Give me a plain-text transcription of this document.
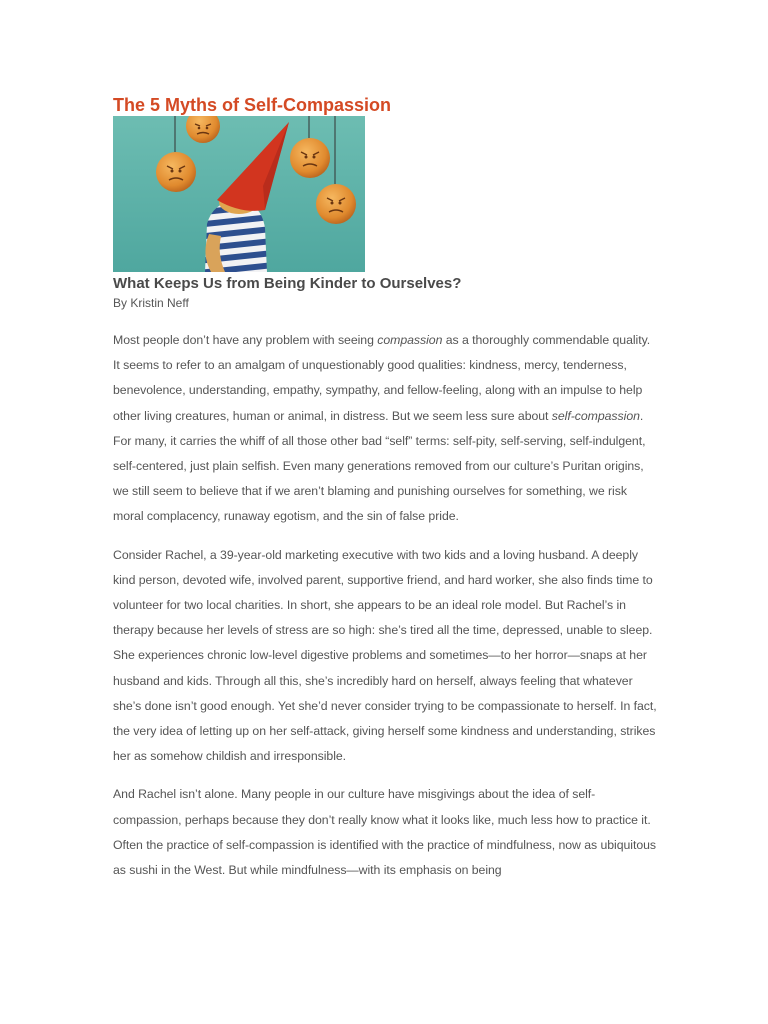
The 5 Myths of Self-Compassion
What Keeps Us from Being Kinder to Ourselves?

By Kristin Neff

Most people don’t have any problem with seeing compassion as a thoroughly commendable quality. It seems to refer to an amalgam of unquestionably good qualities: kindness, mercy, tenderness, benevolence, understanding, empathy, sympathy, and fellow-feeling, along with an impulse to help other living creatures, human or animal, in distress. But we seem less sure about self-compassion. For many, it carries the whiff of all those other bad “self” terms: self-pity, self-serving, self-indulgent, self-centered, just plain selfish. Even many generations removed from our culture’s Puritan origins, we still seem to believe that if we aren’t blaming and punishing ourselves for something, we risk moral complacency, runaway egotism, and the sin of false pride.

Consider Rachel, a 39-year-old marketing executive with two kids and a loving husband. A deeply kind person, devoted wife, involved parent, supportive friend, and hard worker, she also finds time to volunteer for two local charities. In short, she appears to be an ideal role model. But Rachel’s in therapy because her levels of stress are so high: she’s tired all the time, depressed, unable to sleep. She experiences chronic low-level digestive problems and sometimes—to her horror—snaps at her husband and kids. Through all this, she’s incredibly hard on herself, always feeling that whatever she’s done isn’t good enough. Yet she’d never consider trying to be compassionate to herself. In fact, the very idea of letting up on her self-attack, giving herself some kindness and understanding, strikes her as somehow childish and irresponsible.

And Rachel isn’t alone. Many people in our culture have misgivings about the idea of self-compassion, perhaps because they don’t really know what it looks like, much less how to practice it. Often the practice of self-compassion is identified with the practice of mindfulness, now as ubiquitous as sushi in the West. But while mindfulness—with its emphasis on being
